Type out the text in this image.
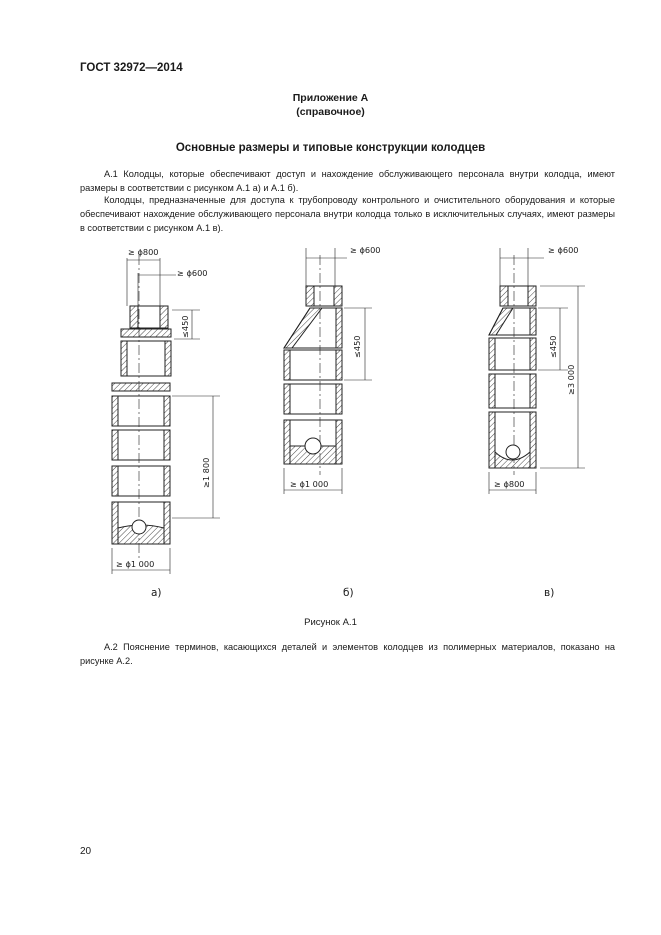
ГОСТ 32972—2014
Приложение А
(справочное)
Основные размеры и типовые конструкции колодцев

А.1 Колодцы, которые обеспечивают доступ и нахождение обслуживающего персонала внутри колодца, имеют размеры в соответствии с рисунком А.1 а) и А.1 б).

Колодцы, предназначенные для доступа к трубопроводу контрольного и очистительного оборудования и которые обеспечивают нахождение обслуживающего персонала внутри колодца только в исключительных случаях, имеют размеры в соответствии с рисунком А.1 в).

≥ ϕ800
≥ ϕ600
≤450
≥1 800
≥ ϕ1 000
а)
≥ ϕ600
≤450
≥ ϕ1 000
б)
≥ ϕ600
≤450
≥3 000
≥ ϕ800
в)
Рисунок А.1

А.2 Пояснение терминов, касающихся деталей и элементов колодцев из полимерных материалов, показано на рисунке А.2.

20
